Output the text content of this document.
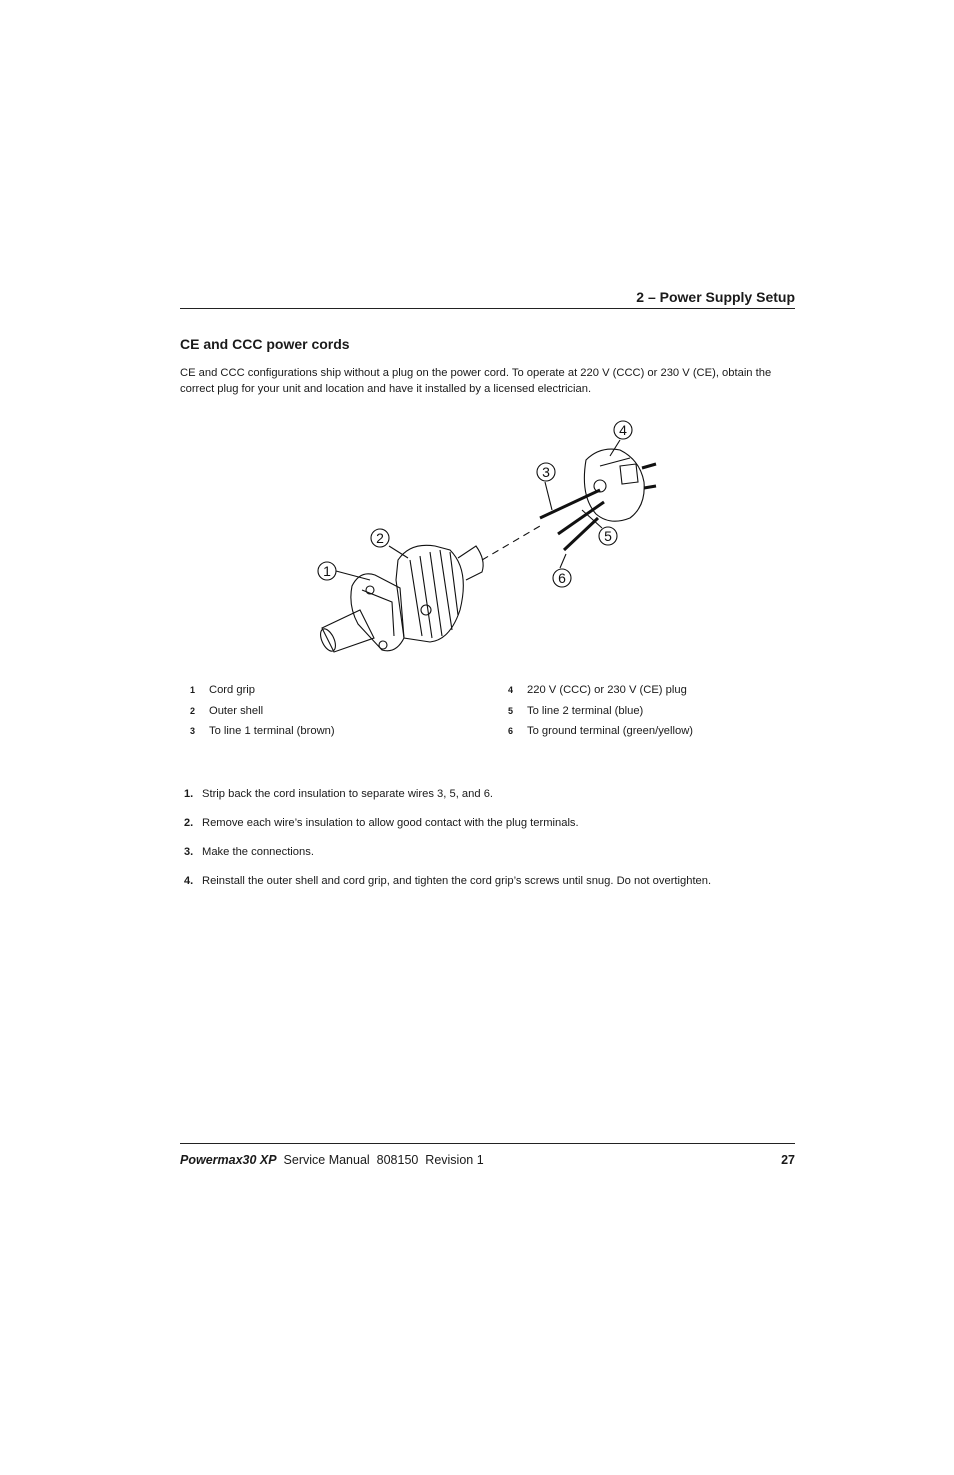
2 – Power Supply Setup
CE and CCC power cords

CE and CCC configurations ship without a plug on the power cord. To operate at 220 V (CCC) or 230 V (CE), obtain the correct plug for your unit and location and have it installed by a licensed electrician.

1
2
3
4
5
6
1	Cord grip
2	Outer shell
3	To line 1 terminal (brown)
4	220 V (CCC) or 230 V (CE) plug
5	To line 2 terminal (blue)
6	To ground terminal (green/yellow)
1. Strip back the cord insulation to separate wires 3, 5, and 6.
2. Remove each wire’s insulation to allow good contact with the plug terminals.
3. Make the connections.
4. Reinstall the outer shell and cord grip, and tighten the cord grip’s screws until snug. Do not overtighten.
Powermax30 XP  Service Manual  808150  Revision 1	27
